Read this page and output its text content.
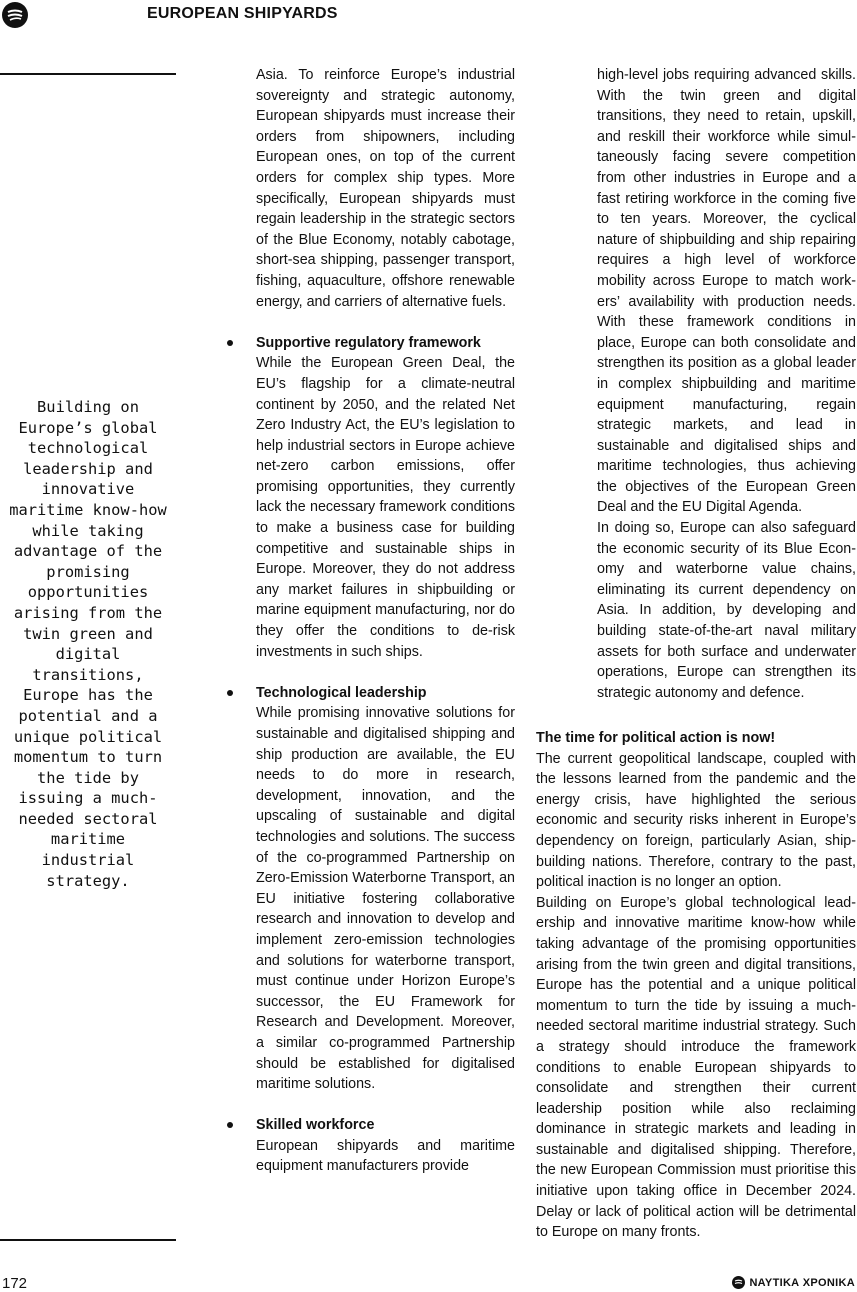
EUROPEAN SHIPYARDS

Building on Europe’s global technological leadership and innovative maritime know-how while taking advantage of the promising opportunities arising from the twin green and digital transitions, Europe has the potential and a unique political momentum to turn the tide by issuing a much-needed sectoral maritime industrial strategy.

Asia. To reinforce Europe’s industrial sovereignty and strategic autonomy, European shipyards must increase their orders from shipowners, including European ones, on top of the current orders for complex ship types. More specifically, European shipyards must regain leadership in the strategic sectors of the Blue Economy, notably cabotage, short-sea shipping, passenger transport, fishing, aquaculture, offshore renewable energy, and carriers of alternative fuels.

Supportive regulatory framework

While the European Green Deal, the EU’s flagship for a climate-neutral continent by 2050, and the related Net Zero Industry Act, the EU’s legislation to help industrial sectors in Europe achieve net-zero carbon emissions, offer promising opportunities, they currently lack the necessary framework conditions to make a business case for building competitive and sustainable ships in Europe. Moreover, they do not address any market failures in shipbuilding or marine equipment manufacturing, nor do they offer the conditions to de-risk investments in such ships.

Technological leadership

While promising innovative solutions for sustainable and digitalised shipping and ship production are available, the EU needs to do more in research, development, innovation, and the upscaling of sustainable and digital technologies and solutions. The success of the co-programmed Partnership on Zero-Emission Waterborne Transport, an EU initiative fostering collaborative research and innovation to develop and implement zero-emission technologies and solutions for waterborne transport, must continue under Horizon Europe’s successor, the EU Framework for Research and Development. Moreover, a similar co-programmed Partnership should be established for digitalised maritime solutions.

Skilled workforce

European shipyards and maritime equipment manufacturers provide

high-level jobs requiring advanced skills. With the twin green and digital transitions, they need to retain, upskill, and reskill their workforce while simultaneously facing severe competition from other industries in Europe and a fast retiring workforce in the coming five to ten years. Moreover, the cyclical nature of shipbuilding and ship repairing requires a high level of workforce mobility across Europe to match workers’ availability with production needs. With these framework conditions in place, Europe can both consolidate and strengthen its position as a global leader in complex shipbuilding and maritime equipment manufacturing, regain strategic markets, and lead in sustainable and digitalised ships and maritime technologies, thus achieving the objectives of the European Green Deal and the EU Digital Agenda.

In doing so, Europe can also safeguard the economic security of its Blue Economy and waterborne value chains, eliminating its current dependency on Asia. In addition, by developing and building state-of-the-art naval military assets for both surface and underwater operations, Europe can strengthen its strategic autonomy and defence.

The time for political action is now!

The current geopolitical landscape, coupled with the lessons learned from the pandemic and the energy crisis, have highlighted the serious economic and security risks inherent in Europe’s dependency on foreign, particularly Asian, shipbuilding nations. Therefore, contrary to the past, political inaction is no longer an option.

Building on Europe’s global technological leadership and innovative maritime know-how while taking advantage of the promising opportunities arising from the twin green and digital transitions, Europe has the potential and a unique political momentum to turn the tide by issuing a much-needed sectoral maritime industrial strategy. Such a strategy should introduce the framework conditions to enable European shipyards to consolidate and strengthen their current leadership position while also reclaiming dominance in strategic markets and leading in sustainable and digitalised shipping. Therefore, the new European Commission must prioritise this initiative upon taking office in December 2024. Delay or lack of political action will be detrimental to Europe on many fronts.

172	ΝΑΥΤΙΚΑ ΧΡΟΝΙΚΑ
